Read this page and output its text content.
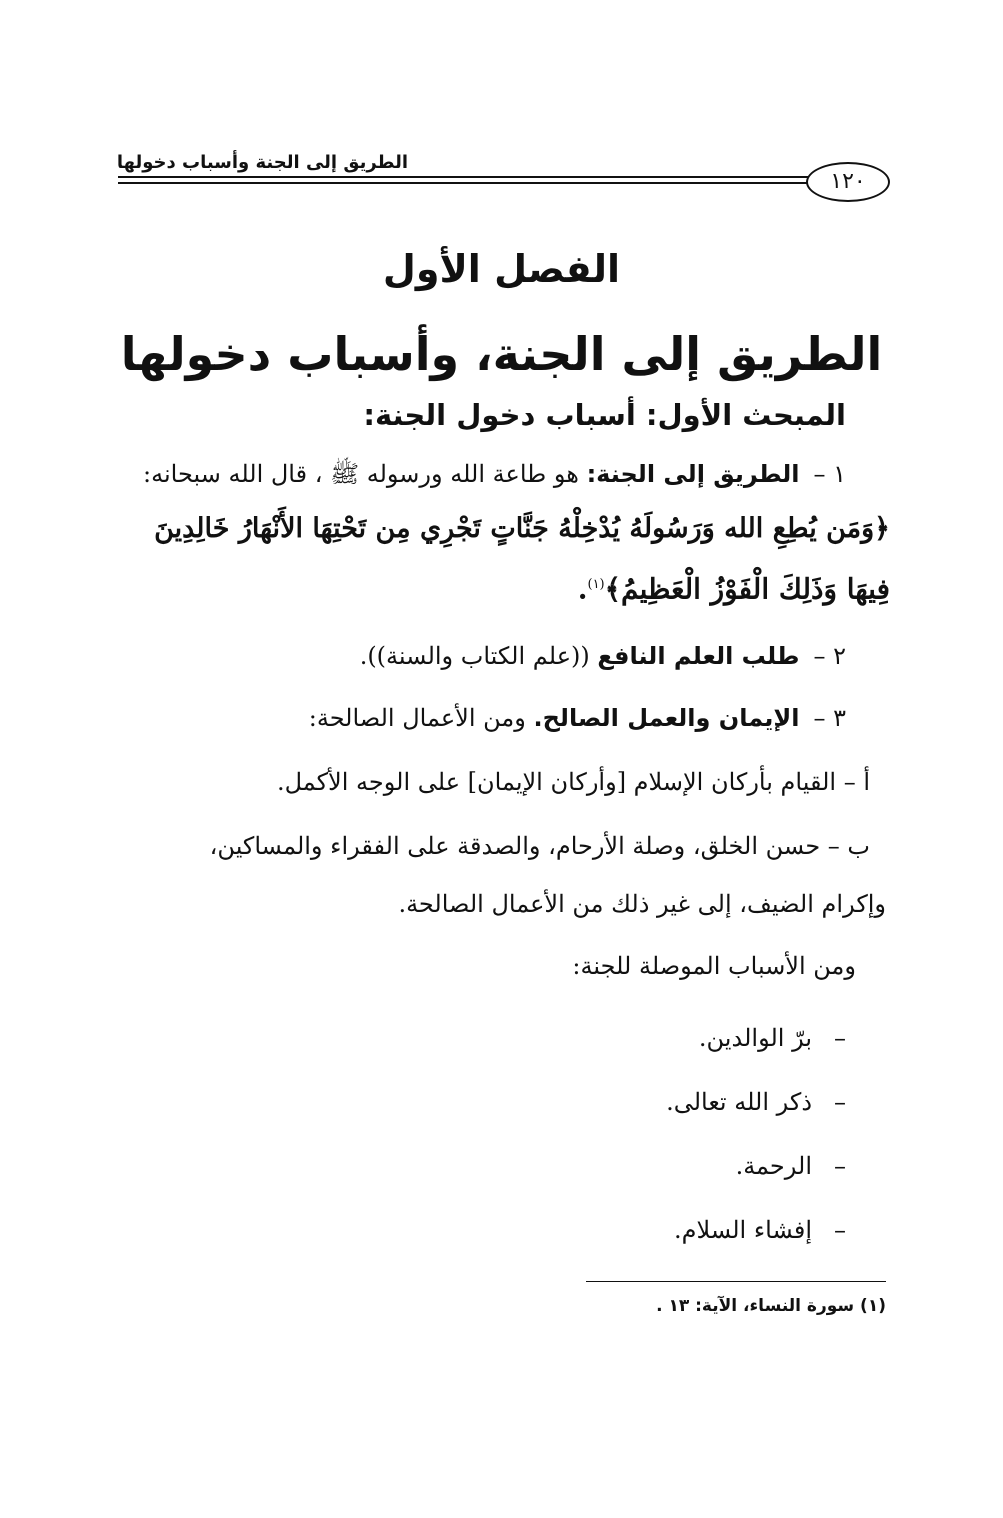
الطريق إلى الجنة وأسباب دخولها
١٢٠
الفصل الأول
الطريق إلى الجنة، وأسباب دخولها
المبحث الأول: أسباب دخول الجنة:
١ –الطريق إلى الجنة: هو طاعة الله ورسوله ﷺ ، قال الله سبحانه:
﴿وَمَن يُطِعِ الله وَرَسُولَهُ يُدْخِلْهُ جَنَّاتٍ تَجْرِي مِن تَحْتِهَا الأَنْهَارُ خَالِدِينَ
فِيهَا وَذَلِكَ الْفَوْزُ الْعَظِيمُ﴾$^{(١)}$.
٢ –طلب العلم النافع ((علم الكتاب والسنة)).
٣ –الإيمان والعمل الصالح. ومن الأعمال الصالحة:
أ – القيام بأركان الإسلام [وأركان الإيمان] على الوجه الأكمل.
ب – حسن الخلق، وصلة الأرحام، والصدقة على الفقراء والمساكين،
وإكرام الضيف، إلى غير ذلك من الأعمال الصالحة.
ومن الأسباب الموصلة للجنة:
–برّ الوالدين.
–ذكر الله تعالى.
–الرحمة.
–إفشاء السلام.
(١) سورة النساء، الآية: ١٣ .
